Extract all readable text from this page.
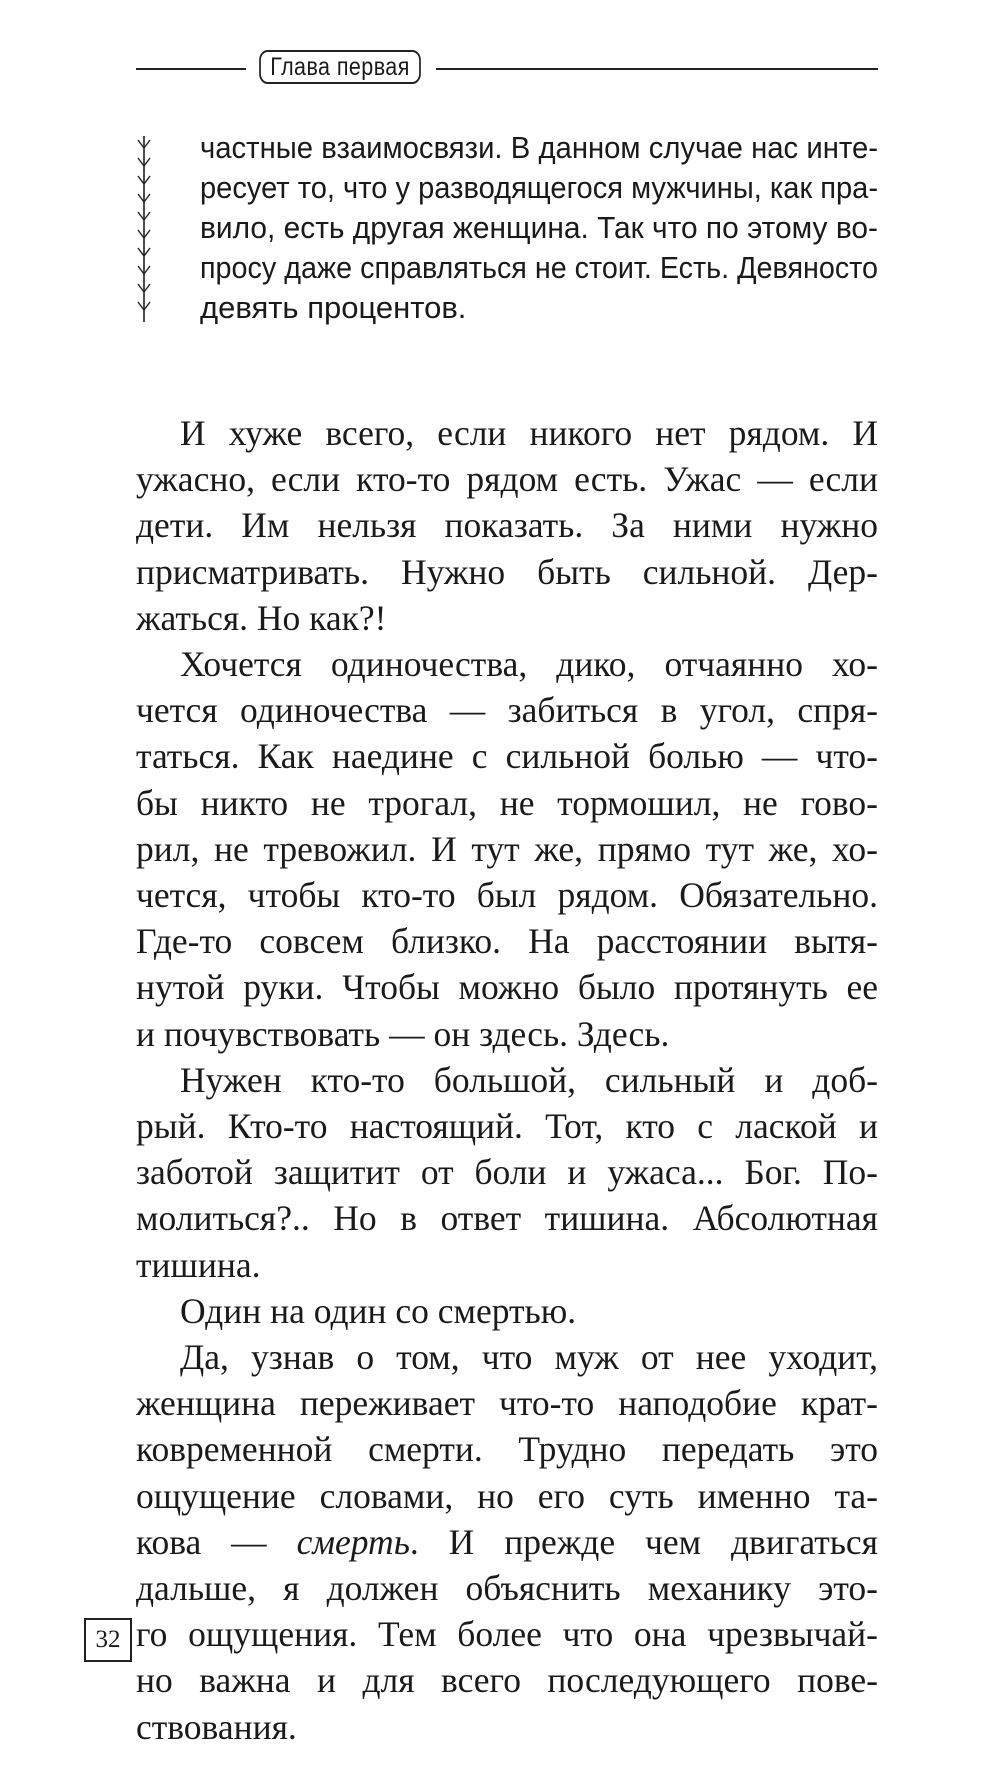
Глава первая
частные взаимосвязи. В данном случае нас инте-
ресует то, что у разводящегося мужчины, как пра-
вило, есть другая женщина. Так что по этому во-
просу даже справляться не стоит. Есть. Девяносто
девять процентов.
И хуже всего, если никого нет рядом. И
ужасно, если кто-то рядом есть. Ужас — если
дети. Им нельзя показать. За ними нужно
присматривать. Нужно быть сильной. Дер-
жаться. Но как?!
Хочется одиночества, дико, отчаянно хо-
чется одиночества — забиться в угол, спря-
таться. Как наедине с сильной болью — что-
бы никто не трогал, не тормошил, не гово-
рил, не тревожил. И тут же, прямо тут же, хо-
чется, чтобы кто-то был рядом. Обязательно.
Где-то совсем близко. На расстоянии вытя-
нутой руки. Чтобы можно было протянуть ее
и почувствовать — он здесь. Здесь.
Нужен кто-то большой, сильный и доб-
рый. Кто-то настоящий. Тот, кто с лаской и
заботой защитит от боли и ужаса... Бог. По-
молиться?.. Но в ответ тишина. Абсолютная
тишина.
Один на один со смертью.
Да, узнав о том, что муж от нее уходит,
женщина переживает что-то наподобие крат-
ковременной смерти. Трудно передать это
ощущение словами, но его суть именно та-
кова — смерть. И прежде чем двигаться
дальше, я должен объяснить механику это-
го ощущения. Тем более что она чрезвычай-
но важна и для всего последующего пове-
ствования.
32
